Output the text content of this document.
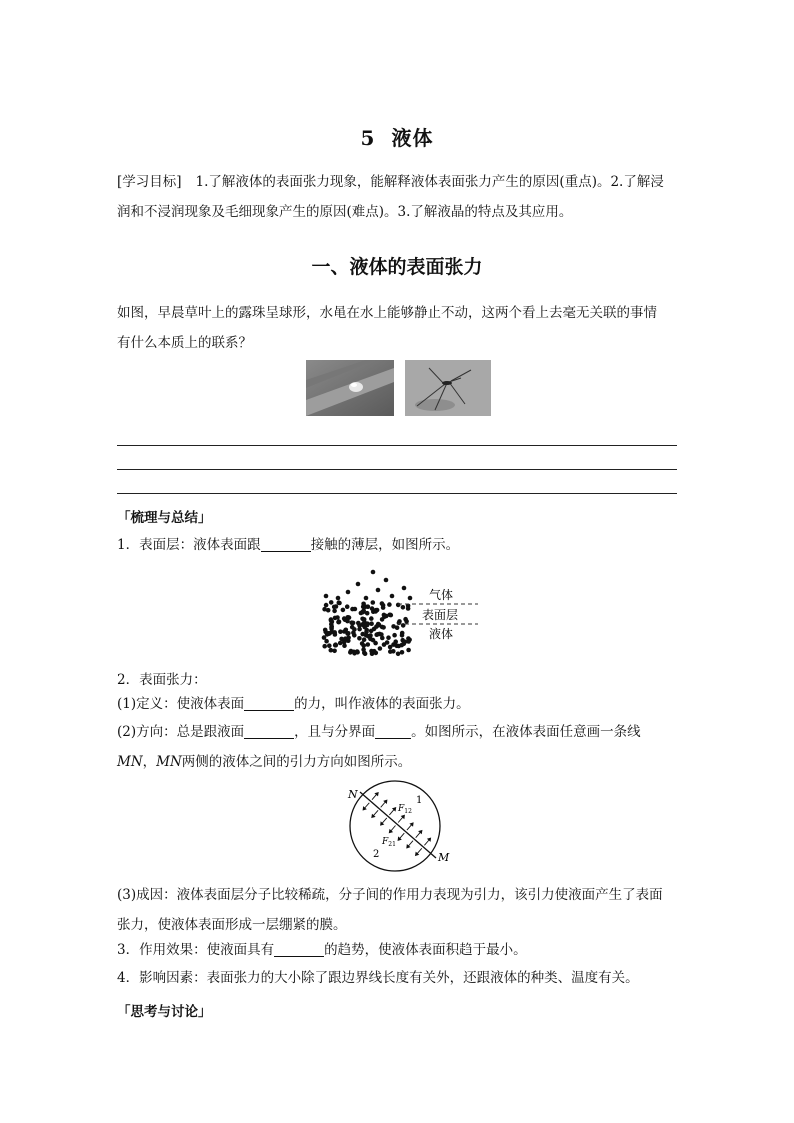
5 液体
[学习目标] 1.了解液体的表面张力现象，能解释液体表面张力产生的原因(重点)。2.了解浸
润和不浸润现象及毛细现象产生的原因(难点)。3.了解液晶的特点及其应用。
一、液体的表面张力
如图，早晨草叶上的露珠呈球形，水黾在水上能够静止不动，这两个看上去毫无关联的事情
有什么本质上的联系？
「梳理与总结」
1．表面层：液体表面跟	接触的薄层，如图所示。
气体
表面层
液体
2．表面张力：
(1)定义：使液体表面	的力，叫作液体的表面张力。
(2)方向：总是跟液面	，且与分界面	。如图所示，在液体表面任意画一条线
MN，MN两侧的液体之间的引力方向如图所示。
N
M
1
2
$F_{12}$
$F_{21}$
(3)成因：液体表面层分子比较稀疏，分子间的作用力表现为引力，该引力使液面产生了表面
张力，使液体表面形成一层绷紧的膜。
3．作用效果：使液面具有	的趋势，使液体表面积趋于最小。
4．影响因素：表面张力的大小除了跟边界线长度有关外，还跟液体的种类、温度有关。
「思考与讨论」
